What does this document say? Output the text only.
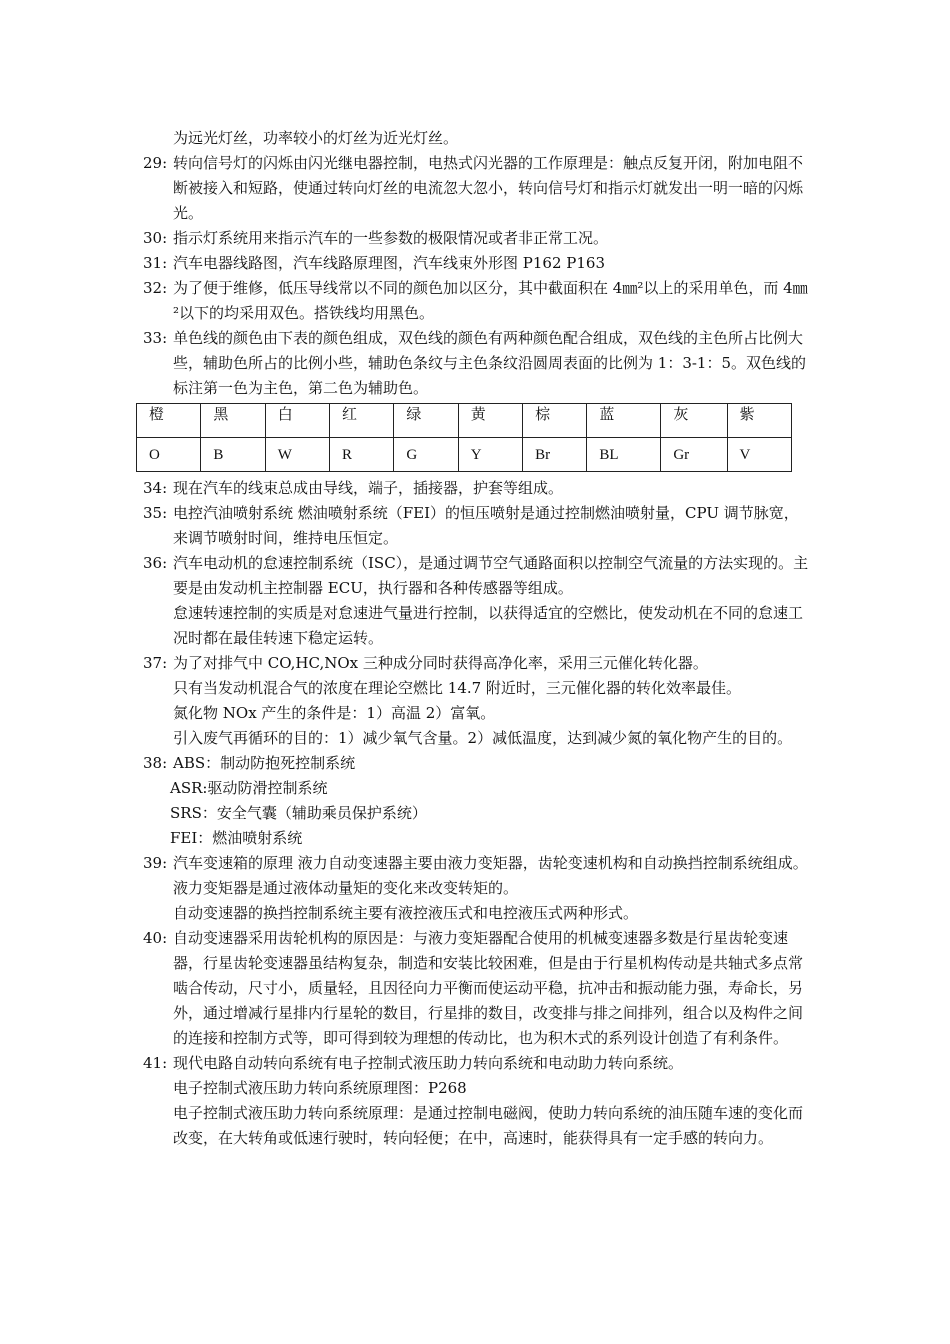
为远光灯丝，功率较小的灯丝为近光灯丝。
29: 转向信号灯的闪烁由闪光继电器控制，电热式闪光器的工作原理是：触点反复开闭，附加电阻不断被接入和短路，使通过转向灯丝的电流忽大忽小，转向信号灯和指示灯就发出一明一暗的闪烁光。
30: 指示灯系统用来指示汽车的一些参数的极限情况或者非正常工况。
31: 汽车电器线路图，汽车线路原理图，汽车线束外形图 P162 P163
32: 为了便于维修，低压导线常以不同的颜色加以区分，其中截面积在 4㎜²以上的采用单色，而 4㎜²以下的均采用双色。搭铁线均用黑色。
33: 单色线的颜色由下表的颜色组成，双色线的颜色有两种颜色配合组成，双色线的主色所占比例大些，辅助色所占的比例小些，辅助色条纹与主色条纹沿圆周表面的比例为 1：3-1：5。双色线的标注第一色为主色，第二色为辅助色。
橙	黑	白	红	绿	黄	棕	蓝	灰	紫
O	B	W	R	G	Y	Br	BL	Gr	V
34: 现在汽车的线束总成由导线，端子，插接器，护套等组成。
35: 电控汽油喷射系统 燃油喷射系统（FEI）的恒压喷射是通过控制燃油喷射量，CPU 调节脉宽，来调节喷射时间，维持电压恒定。
36: 汽车电动机的怠速控制系统（ISC），是通过调节空气通路面积以控制空气流量的方法实现的。主要是由发动机主控制器 ECU，执行器和各种传感器等组成。
怠速转速控制的实质是对怠速进气量进行控制，以获得适宜的空燃比，使发动机在不同的怠速工况时都在最佳转速下稳定运转。
37: 为了对排气中 CO,HC,NOx 三种成分同时获得高净化率，采用三元催化转化器。
只有当发动机混合气的浓度在理论空燃比 14.7 附近时，三元催化器的转化效率最佳。
氮化物 NOx 产生的条件是：1）高温 2）富氧。
引入废气再循环的目的：1）减少氧气含量。2）减低温度，达到减少氮的氧化物产生的目的。
38: ABS：制动防抱死控制系统
ASR:驱动防滑控制系统
SRS：安全气囊（辅助乘员保护系统）
FEI：燃油喷射系统
39: 汽车变速箱的原理 液力自动变速器主要由液力变矩器，齿轮变速机构和自动换挡控制系统组成。液力变矩器是通过液体动量矩的变化来改变转矩的。
自动变速器的换挡控制系统主要有液控液压式和电控液压式两种形式。
40: 自动变速器采用齿轮机构的原因是：与液力变矩器配合使用的机械变速器多数是行星齿轮变速器，行星齿轮变速器虽结构复杂，制造和安装比较困难，但是由于行星机构传动是共轴式多点常啮合传动，尺寸小，质量轻，且因径向力平衡而使运动平稳，抗冲击和振动能力强，寿命长，另外，通过增减行星排内行星轮的数目，行星排的数目，改变排与排之间排列，组合以及构件之间的连接和控制方式等，即可得到较为理想的传动比，也为积木式的系列设计创造了有利条件。
41: 现代电路自动转向系统有电子控制式液压助力转向系统和电动助力转向系统。
电子控制式液压助力转向系统原理图：P268
电子控制式液压助力转向系统原理：是通过控制电磁阀，使助力转向系统的油压随车速的变化而改变，在大转角或低速行驶时，转向轻便；在中，高速时，能获得具有一定手感的转向力。
